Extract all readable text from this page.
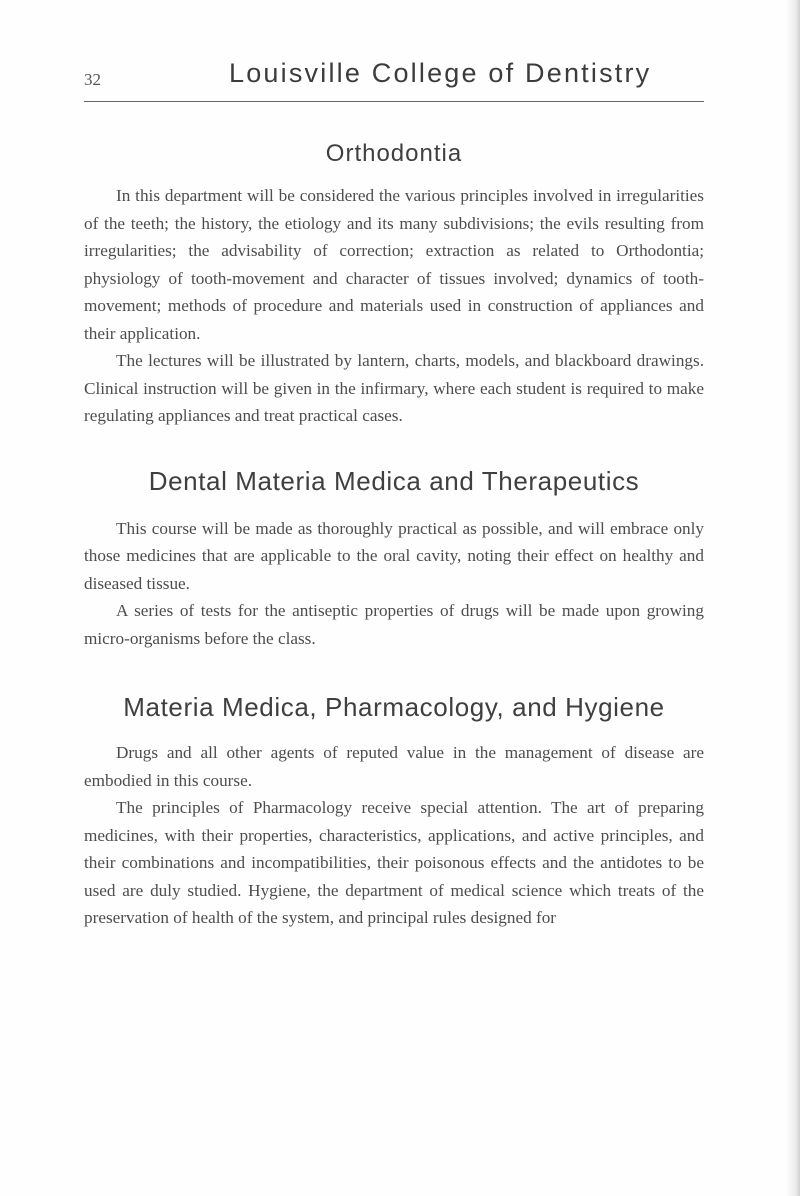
32	Louisville College of Dentistry
Orthodontia

In this department will be considered the various principles involved in irregularities of the teeth; the history, the etiology and its many subdivisions; the evils resulting from irregularities; the advisability of correction; extraction as related to Orthodontia; physiology of tooth-movement and character of tissues involved; dynamics of tooth-movement; methods of procedure and materials used in construction of appliances and their application.

The lectures will be illustrated by lantern, charts, models, and blackboard drawings. Clinical instruction will be given in the infirmary, where each student is required to make regulating appliances and treat practical cases.

Dental Materia Medica and Therapeutics

This course will be made as thoroughly practical as possible, and will embrace only those medicines that are applicable to the oral cavity, noting their effect on healthy and diseased tissue.

A series of tests for the antiseptic properties of drugs will be made upon growing micro-organisms before the class.

Materia Medica, Pharmacology, and Hygiene

Drugs and all other agents of reputed value in the management of disease are embodied in this course.

The principles of Pharmacology receive special attention. The art of preparing medicines, with their properties, characteristics, applications, and active principles, and their combinations and incompatibilities, their poisonous effects and the antidotes to be used are duly studied. Hygiene, the department of medical science which treats of the preservation of health of the system, and principal rules designed for
